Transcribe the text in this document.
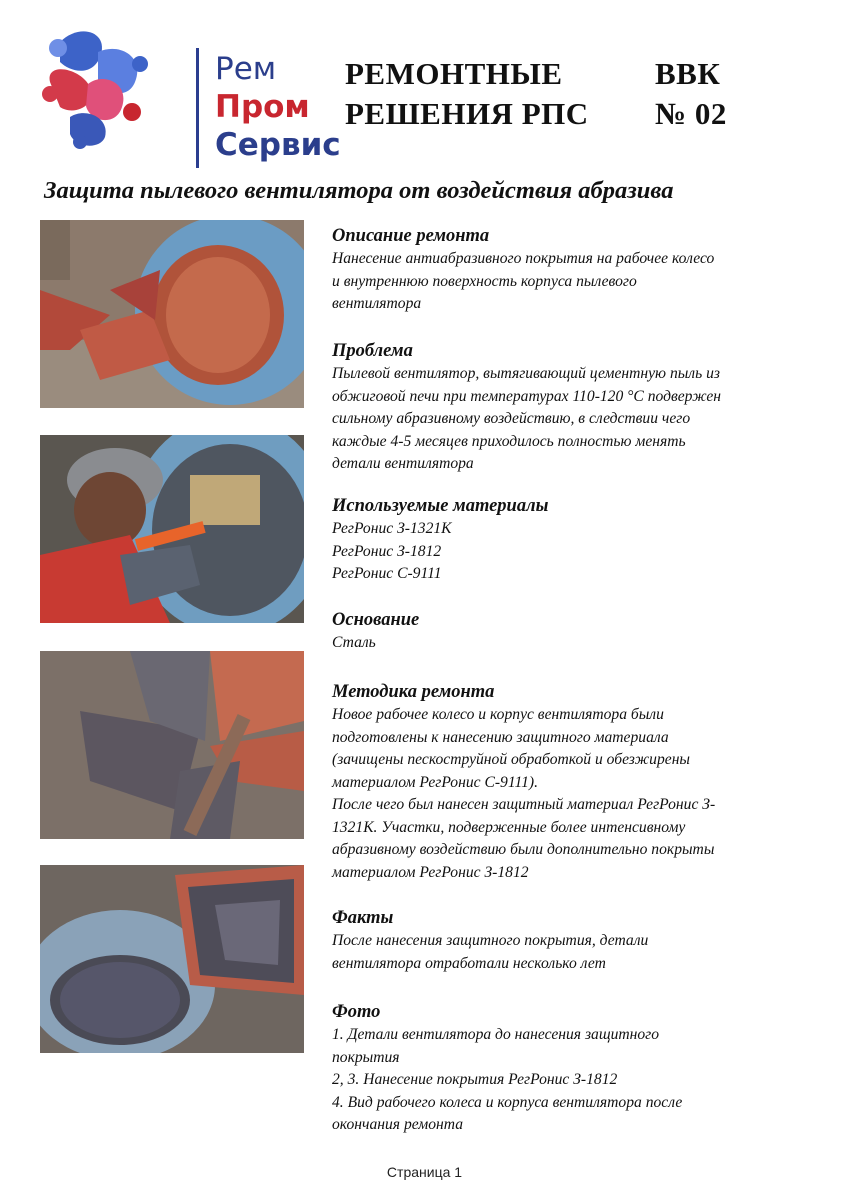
Рем
Пром
Сервис
РЕМОНТНЫЕ
РЕШЕНИЯ РПС
ВВК
№ 02
Защита пылевого вентилятора от воздействия абразива
Описание ремонта

Нанесение антиабразивного покрытия на рабочее колесо

и внутреннюю поверхность корпуса пылевого

вентилятора

Проблема

Пылевой вентилятор, вытягивающий цементную пыль из

обжиговой печи при температурах 110-120 °С подвержен

сильному абразивному воздействию, в следствии чего

каждые 4-5 месяцев приходилось полностью менять

детали вентилятора

Используемые материалы

РегРонис З-1321К

РегРонис З-1812

РегРонис С-9111

Основание

Сталь

Методика ремонта

Новое рабочее колесо и корпус вентилятора были

подготовлены к нанесению защитного материала

(зачищены пескоструйной обработкой и обезжирены

материалом РегРонис С-9111).

После чего был нанесен защитный материал РегРонис З-

1321К. Участки, подверженные более интенсивному

абразивному воздействию были дополнительно покрыты

материалом РегРонис З-1812

Факты

После нанесения защитного покрытия, детали

вентилятора отработали несколько лет

Фото

1. Детали вентилятора до нанесения защитного

покрытия

2, 3. Нанесение покрытия РегРонис З-1812

4. Вид рабочего колеса и корпуса вентилятора после

окончания ремонта

Страница 1
